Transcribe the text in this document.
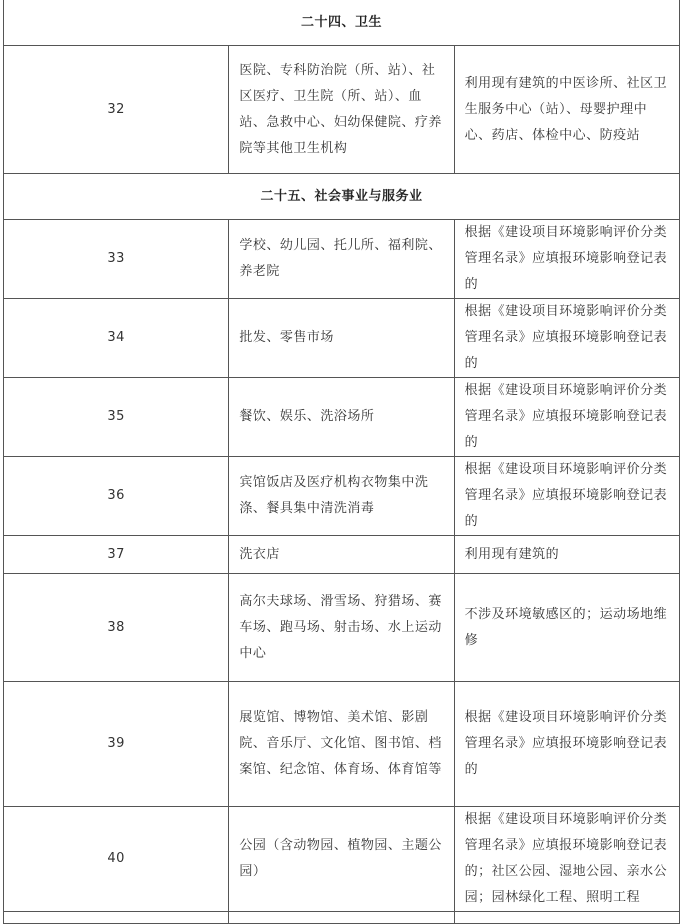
二十四、卫生		
32	医院、专科防治院（所、站）、社区医疗、卫生院（所、站）、血站、急救中心、妇幼保健院、疗养院等其他卫生机构	利用现有建筑的中医诊所、社区卫生服务中心（站）、母婴护理中心、药店、体检中心、防疫站
二十五、社会事业与服务业		
33	学校、幼儿园、托儿所、福利院、养老院	根据《建设项目环境影响评价分类管理名录》应填报环境影响登记表的
34	批发、零售市场	根据《建设项目环境影响评价分类管理名录》应填报环境影响登记表的
35	餐饮、娱乐、洗浴场所	根据《建设项目环境影响评价分类管理名录》应填报环境影响登记表的
36	宾馆饭店及医疗机构衣物集中洗涤、餐具集中清洗消毒	根据《建设项目环境影响评价分类管理名录》应填报环境影响登记表的
37	洗衣店	利用现有建筑的
38	高尔夫球场、滑雪场、狩猎场、赛车场、跑马场、射击场、水上运动中心	不涉及环境敏感区的；运动场地维修
39	展览馆、博物馆、美术馆、影剧院、音乐厅、文化馆、图书馆、档案馆、纪念馆、体育场、体育馆等	根据《建设项目环境影响评价分类管理名录》应填报环境影响登记表的
40	公园（含动物园、植物园、主题公园）	根据《建设项目环境影响评价分类管理名录》应填报环境影响登记表的；社区公园、湿地公园、亲水公园；园林绿化工程、照明工程
